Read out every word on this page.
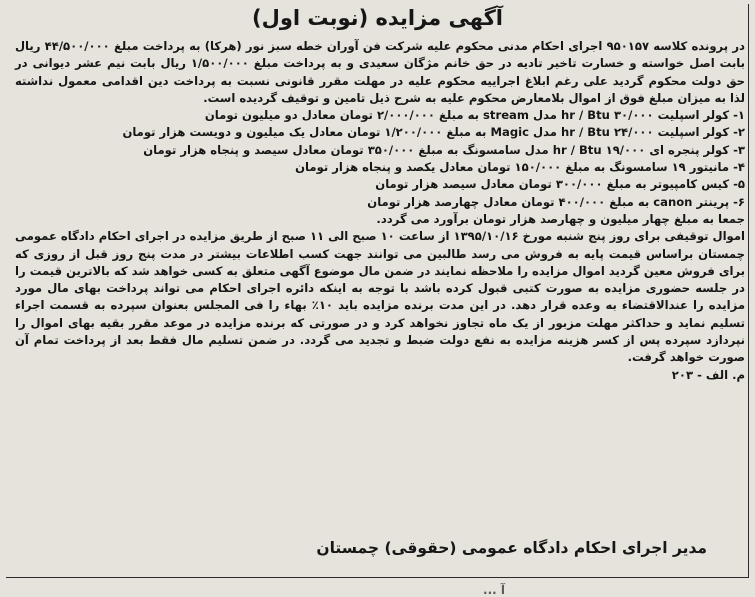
آگهی مزایده (نوبت اول)

در پرونده کلاسه ۹۵۰۱۵۷ اجرای احکام مدنی محکوم علیه شرکت فن آوران خطه سبز نور (هرکا) به پرداخت مبلغ ۴۴/۵۰۰/۰۰۰ ریال بابت اصل خواسته و خسارت تاخیر تادیه در حق خانم مژگان سعیدی و به پرداخت مبلغ ۱/۵۰۰/۰۰۰ ریال بابت نیم عشر دیوانی در حق دولت محکوم گردید علی رغم ابلاغ اجراییه محکوم علیه در مهلت مقرر قانونی نسبت به پرداخت دین اقدامی معمول نداشته لذا به میزان مبلغ فوق از اموال بلامعارض محکوم علیه به شرح ذیل تامین و توقیف گردیده است.

۱- کولر اسپلیت ۳۰/۰۰۰ hr / Btu مدل stream به مبلغ ۲/۰۰۰/۰۰۰ تومان معادل دو میلیون تومان
۲- کولر اسپلیت ۲۴/۰۰۰ hr / Btu مدل Magic به مبلغ ۱/۲۰۰/۰۰۰ تومان معادل یک میلیون و دویست هزار تومان
۳- کولر پنجره ای ۱۹/۰۰۰ hr / Btu مدل سامسونگ به مبلغ ۳۵۰/۰۰۰ تومان معادل سیصد و پنجاه هزار تومان
۴- مانیتور ۱۹ سامسونگ به مبلغ ۱۵۰/۰۰۰ تومان معادل یکصد و پنجاه هزار تومان
۵- کیس کامپیوتر به مبلغ ۳۰۰/۰۰۰ تومان معادل سیصد هزار تومان
۶- پرینتر canon به مبلغ ۴۰۰/۰۰۰ تومان معادل چهارصد هزار تومان

جمعا به مبلغ چهار میلیون و چهارصد هزار تومان برآورد می گردد.

اموال توقیفی برای روز پنج شنبه مورخ ۱۳۹۵/۱۰/۱۶ از ساعت ۱۰ صبح الی ۱۱ صبح از طریق مزایده در اجرای احکام دادگاه عمومی چمستان براساس قیمت پایه به فروش می رسد طالبین می توانند جهت کسب اطلاعات بیشتر در مدت پنج روز قبل از روزی که برای فروش معین گردید اموال مزایده را ملاحظه نمایند در ضمن مال موضوع آگهی متعلق به کسی خواهد شد که بالاترین قیمت را در جلسه حضوری مزایده به صورت کتبی قبول کرده باشد با توجه به اینکه دائره اجرای احکام می تواند پرداخت بهای مال مورد مزایده را عندالاقتضاء به وعده قرار دهد. در این مدت برنده مزایده باید ۱۰٪ بهاء را فی المجلس بعنوان سپرده به قسمت اجراء تسلیم نماید و حداکثر مهلت مزبور از یک ماه تجاوز نخواهد کرد و در صورتی که برنده مزایده در موعد مقرر بقیه بهای اموال را نپردازد سپرده پس از کسر هزینه مزایده به نفع دولت ضبط و تجدید می گردد. در ضمن تسلیم مال فقط بعد از پرداخت تمام آن صورت خواهد گرفت.

م. الف - ۲۰۳

مدیر اجرای احکام دادگاه عمومی (حقوقی) چمستان
آ ...
